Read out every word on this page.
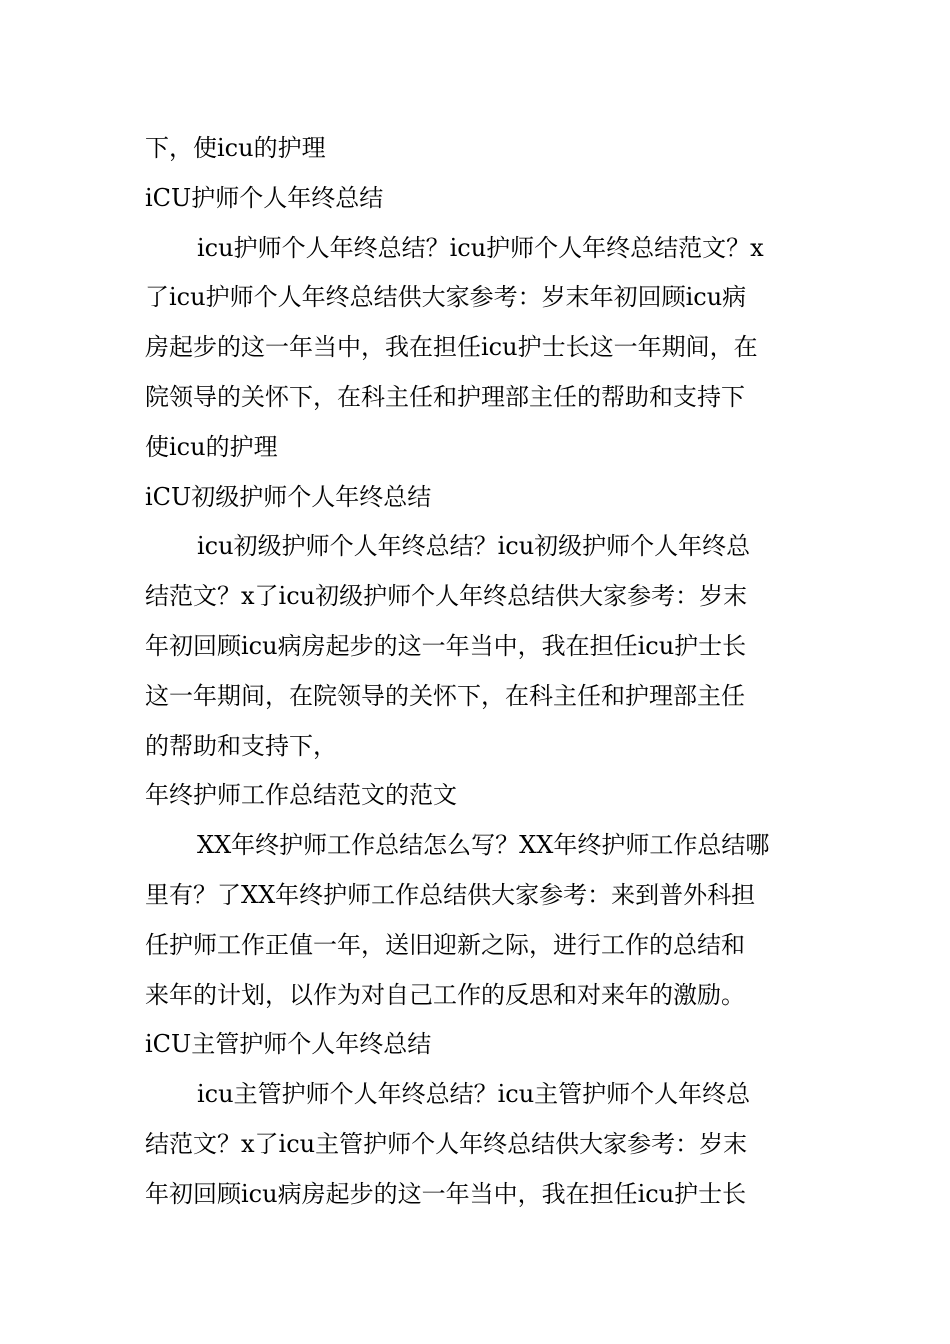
下，使icu的护理
iCU护师个人年终总结
icu护师个人年终总结？icu护师个人年终总结范文？x
了icu护师个人年终总结供大家参考：岁末年初回顾icu病
房起步的这一年当中，我在担任icu护士长这一年期间，在
院领导的关怀下，在科主任和护理部主任的帮助和支持下
使icu的护理
iCU初级护师个人年终总结
icu初级护师个人年终总结？icu初级护师个人年终总
结范文？x了icu初级护师个人年终总结供大家参考：岁末
年初回顾icu病房起步的这一年当中，我在担任icu护士长
这一年期间，在院领导的关怀下，在科主任和护理部主任
的帮助和支持下，
年终护师工作总结范文的范文
XX年终护师工作总结怎么写？XX年终护师工作总结哪
里有？了XX年终护师工作总结供大家参考：来到普外科担
任护师工作正值一年，送旧迎新之际，进行工作的总结和
来年的计划，以作为对自己工作的反思和对来年的激励。
iCU主管护师个人年终总结
icu主管护师个人年终总结？icu主管护师个人年终总
结范文？x了icu主管护师个人年终总结供大家参考：岁末
年初回顾icu病房起步的这一年当中，我在担任icu护士长
